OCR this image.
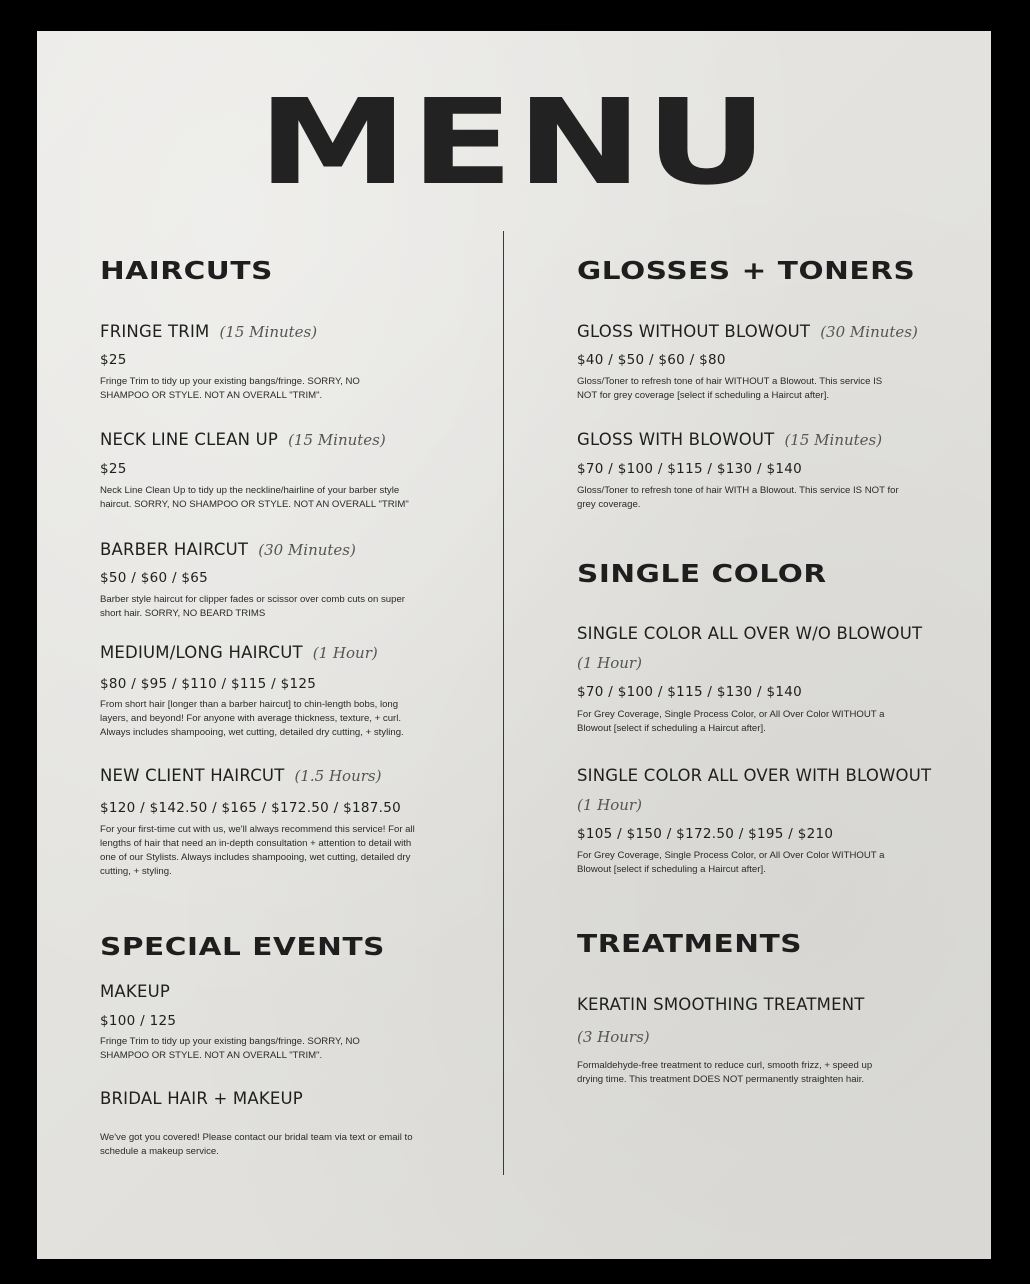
MENU
HAIRCUTS
FRINGE TRIM (15 Minutes)
$25
Fringe Trim to tidy up your existing bangs/fringe. SORRY, NO SHAMPOO OR STYLE. NOT AN OVERALL "TRIM".
NECK LINE CLEAN UP (15 Minutes)
$25
Neck Line Clean Up to tidy up the neckline/hairline of your barber style haircut. SORRY, NO SHAMPOO OR STYLE. NOT AN OVERALL "TRIM"
BARBER HAIRCUT (30 Minutes)
$50 / $60 / $65
Barber style haircut for clipper fades or scissor over comb cuts on super short hair. SORRY, NO BEARD TRIMS
MEDIUM/LONG HAIRCUT (1 Hour)
$80 / $95 / $110 / $115 / $125
From short hair [longer than a barber haircut] to chin-length bobs, long layers, and beyond! For anyone with average thickness, texture, + curl. Always includes shampooing, wet cutting, detailed dry cutting, + styling.
NEW CLIENT HAIRCUT (1.5 Hours)
$120 / $142.50 / $165 / $172.50 / $187.50
For your first-time cut with us, we'll always recommend this service! For all lengths of hair that need an in-depth consultation + attention to detail with one of our Stylists. Always includes shampooing, wet cutting, detailed dry cutting, + styling.
SPECIAL EVENTS
MAKEUP
$100 / 125
Fringe Trim to tidy up your existing bangs/fringe. SORRY, NO SHAMPOO OR STYLE. NOT AN OVERALL "TRIM".
BRIDAL HAIR + MAKEUP
We've got you covered! Please contact our bridal team via text or email to schedule a makeup service.
GLOSSES + TONERS
GLOSS WITHOUT BLOWOUT (30 Minutes)
$40 / $50 / $60 / $80
Gloss/Toner to refresh tone of hair WITHOUT a Blowout. This service IS NOT for grey coverage [select if scheduling a Haircut after].
GLOSS WITH BLOWOUT (15 Minutes)
$70 / $100 / $115 / $130 / $140
Gloss/Toner to refresh tone of hair WITH a Blowout. This service IS NOT for grey coverage.
SINGLE COLOR
SINGLE COLOR ALL OVER W/O BLOWOUT
(1 Hour)
$70 / $100 / $115 / $130 / $140
For Grey Coverage, Single Process Color, or All Over Color WITHOUT a Blowout [select if scheduling a Haircut after].
SINGLE COLOR ALL OVER WITH BLOWOUT
(1 Hour)
$105 / $150 / $172.50 / $195 / $210
For Grey Coverage, Single Process Color, or All Over Color WITHOUT a Blowout [select if scheduling a Haircut after].
TREATMENTS
KERATIN SMOOTHING TREATMENT
(3 Hours)
Formaldehyde-free treatment to reduce curl, smooth frizz, + speed up drying time. This treatment DOES NOT permanently straighten hair.
